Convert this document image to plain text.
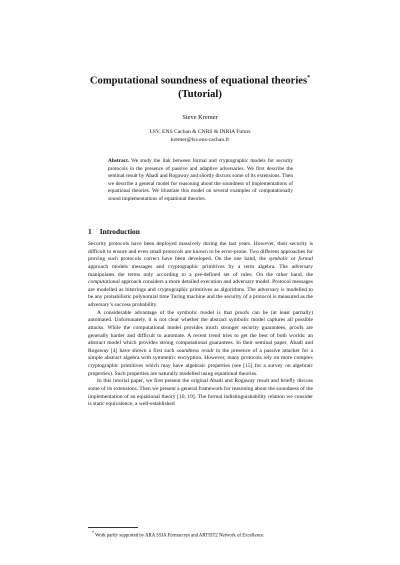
Computational soundness of equational theories*
(Tutorial)
Steve Kremer
LSV, ENS Cachan & CNRS & INRIA Futurs
kremer@lsv.ens-cachan.fr
Abstract. We study the link between formal and cryptographic models for security protocols in the presence of passive and adaptive adversaries. We first describe the seminal result by Abadi and Rogaway and shortly discuss some of its extensions. Then we describe a general model for reasoning about the soundness of implementations of equational theories. We illustrate this model on several examples of computationally sound implementations of equational theories.
1 Introduction

Security protocols have been deployed massively during the last years. However, their security is difficult to ensure and even small protocols are known to be error-prone. Two different approaches for proving such protocols correct have been developed. On the one hand, the symbolic or formal approach models messages and cryptographic primitives by a term algebra. The adversary manipulates the terms only according to a pre-defined set of rules. On the other hand, the computational approach considers a more detailed execution and adversary model. Protocol messages are modelled as bitstrings and cryptographic primitives as algorithms. The adversary is modelled to be any probabilistic polynomial time Turing machine and the security of a protocol is measured as the adversary’s success probability.

A considerable advantage of the symbolic model is that proofs can be (at least partially) automated. Unfortunately, it is not clear whether the abstract symbolic model captures all possible attacks. While the computational model provides much stronger security guarantees, proofs are generally harder and difficult to automate. A recent trend tries to get the best of both worlds: an abstract model which provides strong computational guarantees. In their seminal paper, Abadi and Rogaway [4] have shown a first such soundness result in the presence of a passive attacker for a simple abstract algebra with symmetric encryption. However, many protocols rely on more complex cryptographic primitives which may have algebraic properties (see [15] for a survey on algebraic properties). Such properties are naturally modelled using equational theories.

In this tutorial paper, we first present the original Abadi and Rogaway result and briefly discuss some of its extensions. Then we present a general framework for reasoning about the soundness of the implementation of an equational theory [10, 19]. The formal indistinguishability relation we consider is static equivalence, a well-established

* Work partly supported by ARA SSIA Formacrypt and ARTIST2 Network of Excellence.
